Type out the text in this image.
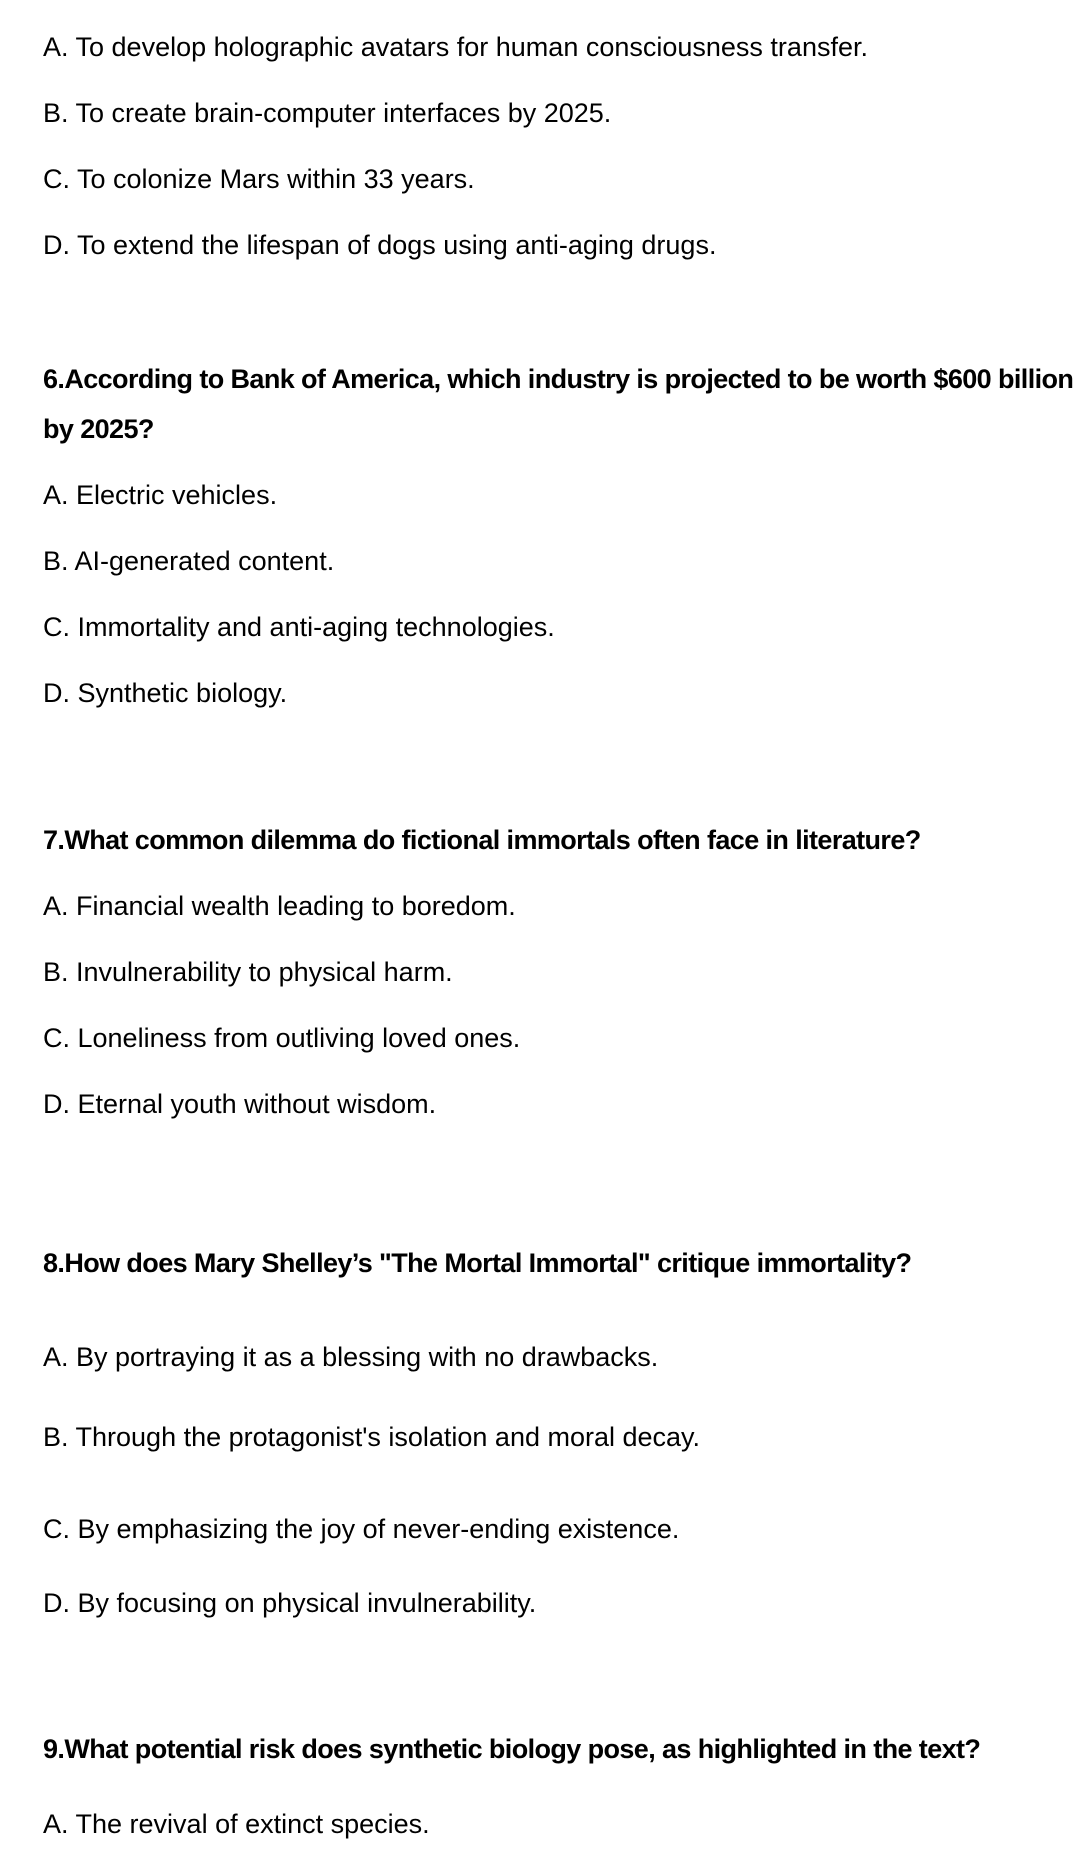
A. To develop holographic avatars for human consciousness transfer.

B. To create brain-computer interfaces by 2025.

C. To colonize Mars within 33 years.

D. To extend the lifespan of dogs using anti-aging drugs.

6.According to Bank of America, which industry is projected to be worth $600 billion by 2025?

A. Electric vehicles.

B. AI-generated content.

C. Immortality and anti-aging technologies.

D. Synthetic biology.

7.What common dilemma do fictional immortals often face in literature?

A. Financial wealth leading to boredom.

B. Invulnerability to physical harm.

C. Loneliness from outliving loved ones.

D. Eternal youth without wisdom.

8.How does Mary Shelley’s "The Mortal Immortal" critique immortality?

A. By portraying it as a blessing with no drawbacks.

B. Through the protagonist's isolation and moral decay.

C. By emphasizing the joy of never-ending existence.

D. By focusing on physical invulnerability.

9.What potential risk does synthetic biology pose, as highlighted in the text?

A. The revival of extinct species.
